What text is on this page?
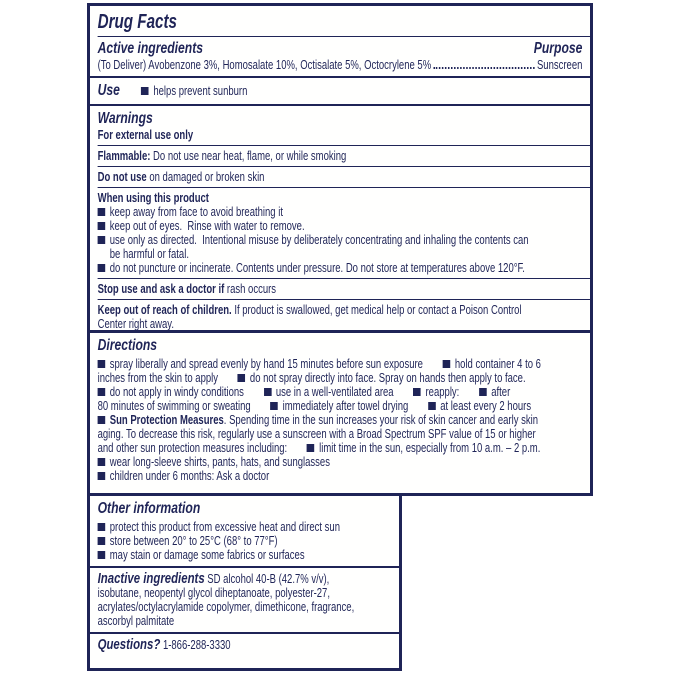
Drug Facts
Active ingredients	Purpose
(To Deliver) Avobenzone 3%, Homosalate 10%, Octisalate 5%, Octocrylene 5%	Sunscreen
Use	helps prevent sunburn
Warnings
For external use only
Flammable: Do not use near heat, flame, or while smoking
Do not use on damaged or broken skin
When using this product
keep away from face to avoid breathing it
keep out of eyes.  Rinse with water to remove.
use only as directed.  Intentional misuse by deliberately concentrating and inhaling the contents can
be harmful or fatal.
do not puncture or incinerate. Contents under pressure. Do not store at temperatures above 120°F.
Stop use and ask a doctor if rash occurs
Keep out of reach of children. If product is swallowed, get medical help or contact a Poison Control
Center right away.
Directions
spray liberally and spread evenly by hand 15 minutes before sun exposure	hold container 4 to 6
inches from the skin to apply	do not spray directly into face. Spray on hands then apply to face.
do not apply in windy conditions	use in a well-ventilated area	reapply:	after
80 minutes of swimming or sweating	immediately after towel drying	at least every 2 hours
Sun Protection Measures. Spending time in the sun increases your risk of skin cancer and early skin
aging. To decrease this risk, regularly use a sunscreen with a Broad Spectrum SPF value of 15 or higher
and other sun protection measures including:	limit time in the sun, especially from 10 a.m. – 2 p.m.
wear long-sleeve shirts, pants, hats, and sunglasses
children under 6 months: Ask a doctor
Other information
protect this product from excessive heat and direct sun
store between 20° to 25°C (68° to 77°F)
may stain or damage some fabrics or surfaces
Inactive ingredients SD alcohol 40-B (42.7% v/v),
isobutane, neopentyl glycol diheptanoate, polyester-27,
acrylates/octylacrylamide copolymer, dimethicone, fragrance,
ascorbyl palmitate
Questions? 1-866-288-3330
